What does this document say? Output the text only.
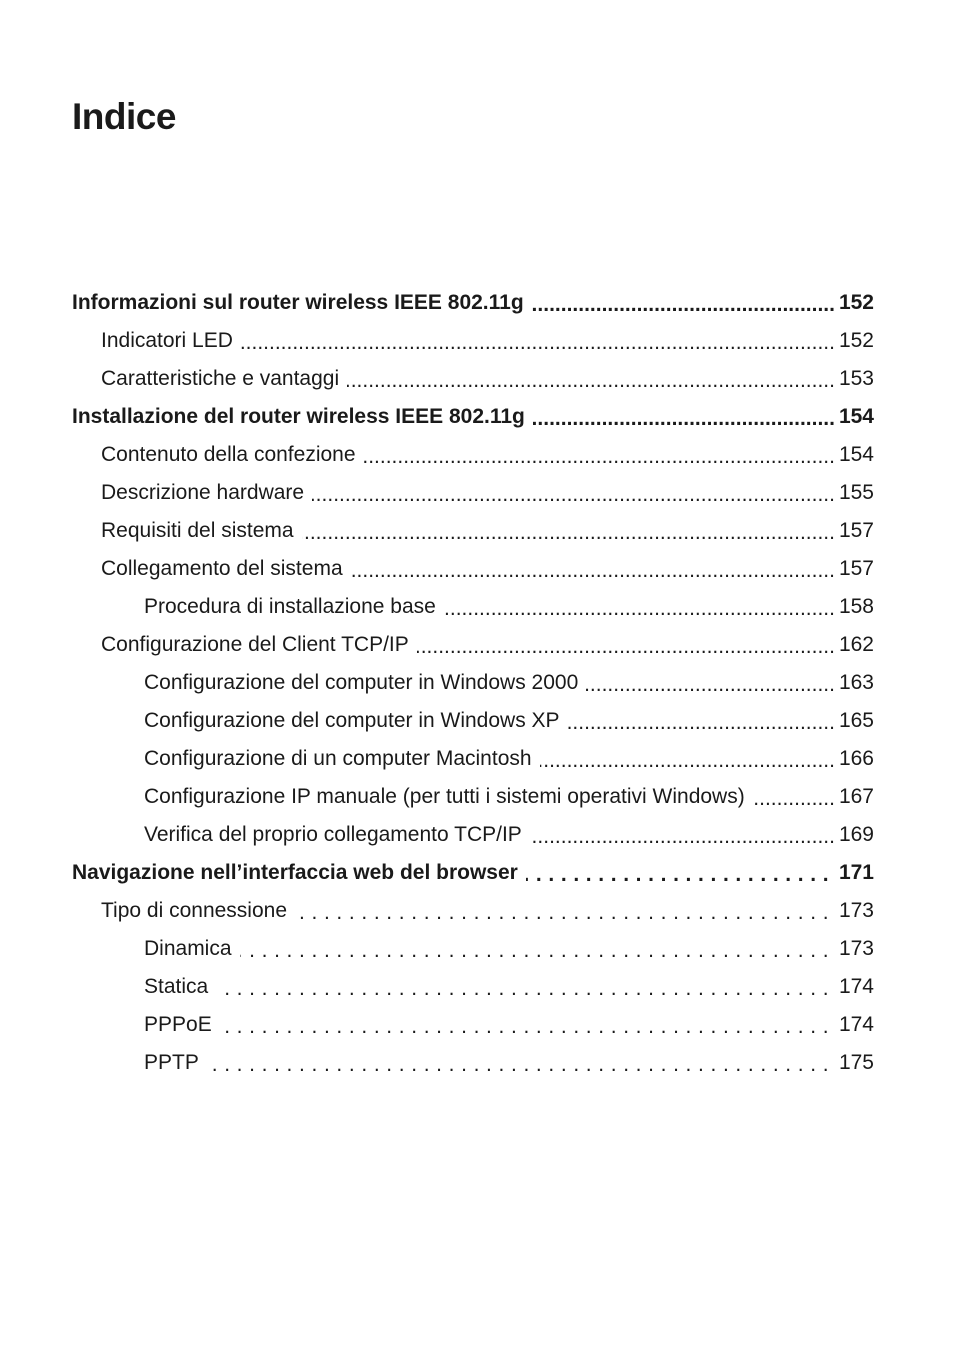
Indice
Informazioni sul router wireless IEEE 802.11g .....	152
Indicatori LED .....	152
Caratteristiche e vantaggi .....	153
Installazione del router wireless IEEE 802.11g .....	154
Contenuto della confezione .....	154
Descrizione hardware .....	155
Requisiti del sistema .....	157
Collegamento del sistema .....	157
Procedura di installazione base .....	158
Configurazione del Client TCP/IP .....	162
Configurazione del computer in Windows 2000 .....	163
Configurazione del computer in Windows XP .....	165
Configurazione di un computer Macintosh .....	166
Configurazione IP manuale (per tutti i sistemi operativi Windows) .....	167
Verifica del proprio collegamento TCP/IP .....	169
Navigazione nell’interfaccia web del browser . . .	171
Tipo di connessione . . .	173
Dinamica . . .	173
Statica . . .	174
PPPoE . . .	174
PPTP . . .	175
